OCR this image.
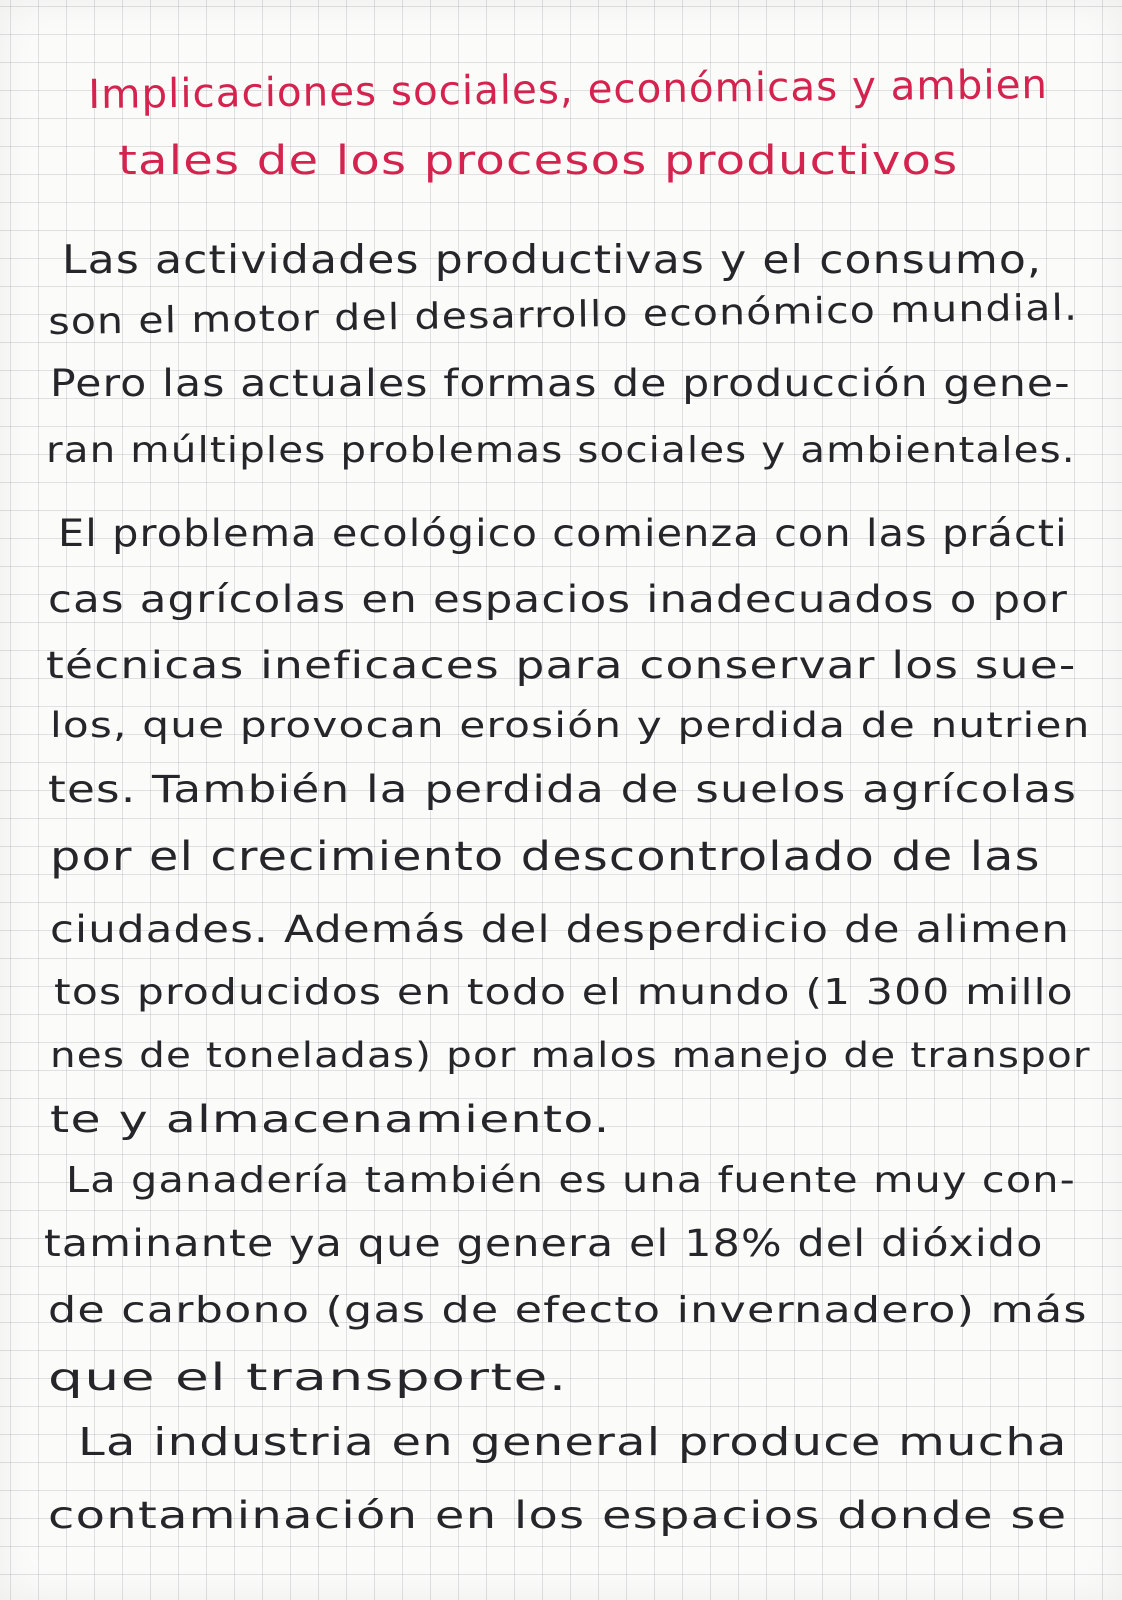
Implicaciones sociales, económicas y ambien

tales de los procesos productivos

Las actividades productivas y el consumo,

son el motor del desarrollo económico mundial.

Pero las actuales formas de producción gene-

ran múltiples problemas sociales y ambientales.

El problema ecológico comienza con las prácti

cas agrícolas en espacios inadecuados o por

técnicas ineficaces para conservar los sue-

los, que provocan erosión y perdida de nutrien

tes. También la perdida de suelos agrícolas

por el crecimiento descontrolado de las

ciudades. Además del desperdicio de alimen

tos producidos en todo el mundo (1 300 millo

nes de toneladas) por malos manejo de transpor

te y almacenamiento.

La ganadería también es una fuente muy con-

taminante ya que genera el 18% del dióxido

de carbono (gas de efecto invernadero) más

que el transporte.

La industria en general produce mucha

contaminación en los espacios donde se
